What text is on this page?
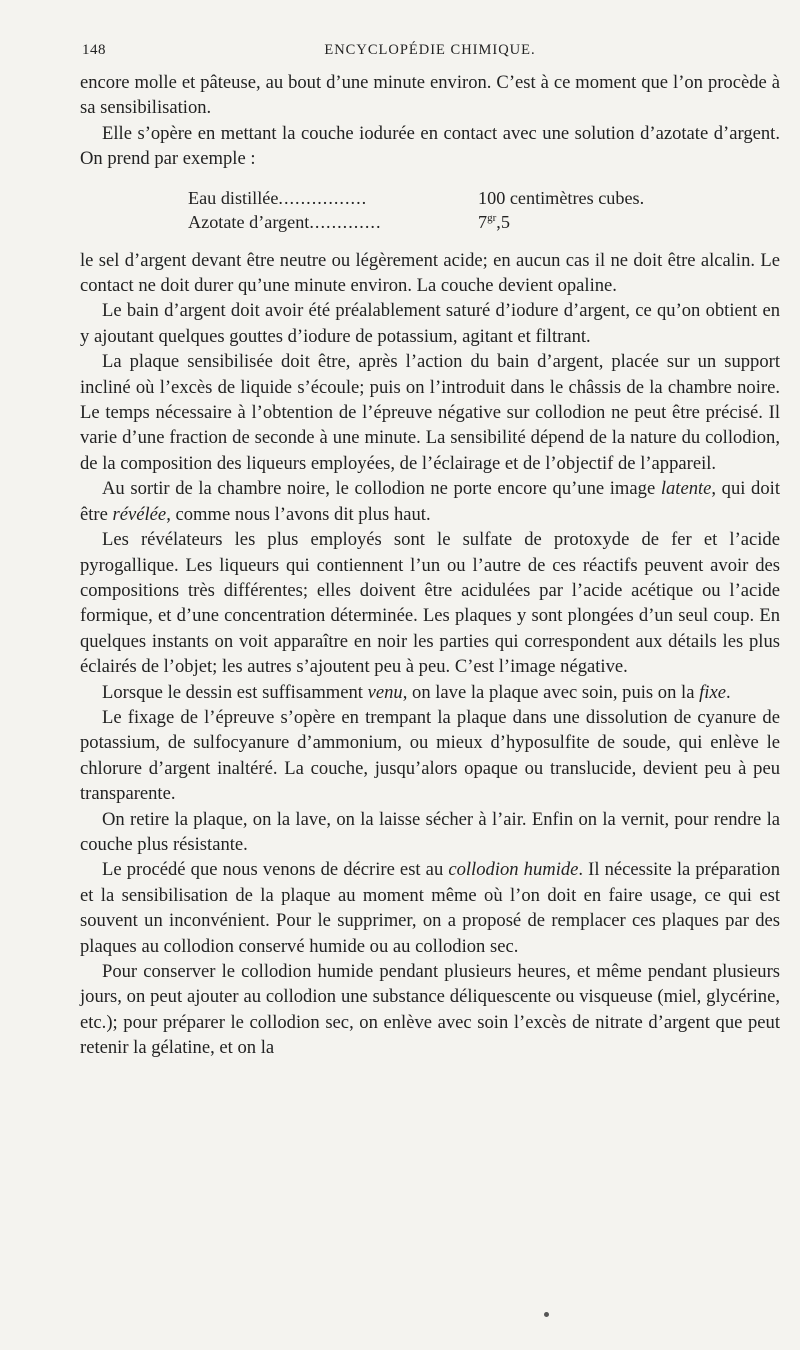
148	ENCYCLOPÉDIE CHIMIQUE.

encore molle et pâteuse, au bout d’une minute environ. C’est à ce moment que l’on procède à sa sensibilisation.

Elle s’opère en mettant la couche iodurée en contact avec une solution d’azotate d’argent. On prend par exemple :

Eau distillée................	100 centimètres cubes.
Azotate d’argent.............	$7^{gr},5$

le sel d’argent devant être neutre ou légèrement acide; en aucun cas il ne doit être alcalin. Le contact ne doit durer qu’une minute environ. La couche devient opaline.

Le bain d’argent doit avoir été préalablement saturé d’iodure d’argent, ce qu’on obtient en y ajoutant quelques gouttes d’iodure de potassium, agitant et filtrant.

La plaque sensibilisée doit être, après l’action du bain d’argent, placée sur un support incliné où l’excès de liquide s’écoule; puis on l’introduit dans le châssis de la chambre noire. Le temps nécessaire à l’obtention de l’épreuve négative sur collodion ne peut être précisé. Il varie d’une fraction de seconde à une minute. La sensibilité dépend de la nature du collodion, de la composition des liqueurs employées, de l’éclairage et de l’objectif de l’appareil.

Au sortir de la chambre noire, le collodion ne porte encore qu’une image latente, qui doit être révélée, comme nous l’avons dit plus haut.

Les révélateurs les plus employés sont le sulfate de protoxyde de fer et l’acide pyrogallique. Les liqueurs qui contiennent l’un ou l’autre de ces réactifs peuvent avoir des compositions très différentes; elles doivent être acidulées par l’acide acétique ou l’acide formique, et d’une concentration déterminée. Les plaques y sont plongées d’un seul coup. En quelques instants on voit apparaître en noir les parties qui correspondent aux détails les plus éclairés de l’objet; les autres s’ajoutent peu à peu. C’est l’image négative.

Lorsque le dessin est suffisamment venu, on lave la plaque avec soin, puis on la fixe.

Le fixage de l’épreuve s’opère en trempant la plaque dans une dissolution de cyanure de potassium, de sulfocyanure d’ammonium, ou mieux d’hyposulfite de soude, qui enlève le chlorure d’argent inaltéré. La couche, jusqu’alors opaque ou translucide, devient peu à peu transparente.

On retire la plaque, on la lave, on la laisse sécher à l’air. Enfin on la vernit, pour rendre la couche plus résistante.

Le procédé que nous venons de décrire est au collodion humide. Il nécessite la préparation et la sensibilisation de la plaque au moment même où l’on doit en faire usage, ce qui est souvent un inconvénient. Pour le supprimer, on a proposé de remplacer ces plaques par des plaques au collodion conservé humide ou au collodion sec.

Pour conserver le collodion humide pendant plusieurs heures, et même pendant plusieurs jours, on peut ajouter au collodion une substance déliquescente ou visqueuse (miel, glycérine, etc.); pour préparer le collodion sec, on enlève avec soin l’excès de nitrate d’argent que peut retenir la gélatine, et on la
